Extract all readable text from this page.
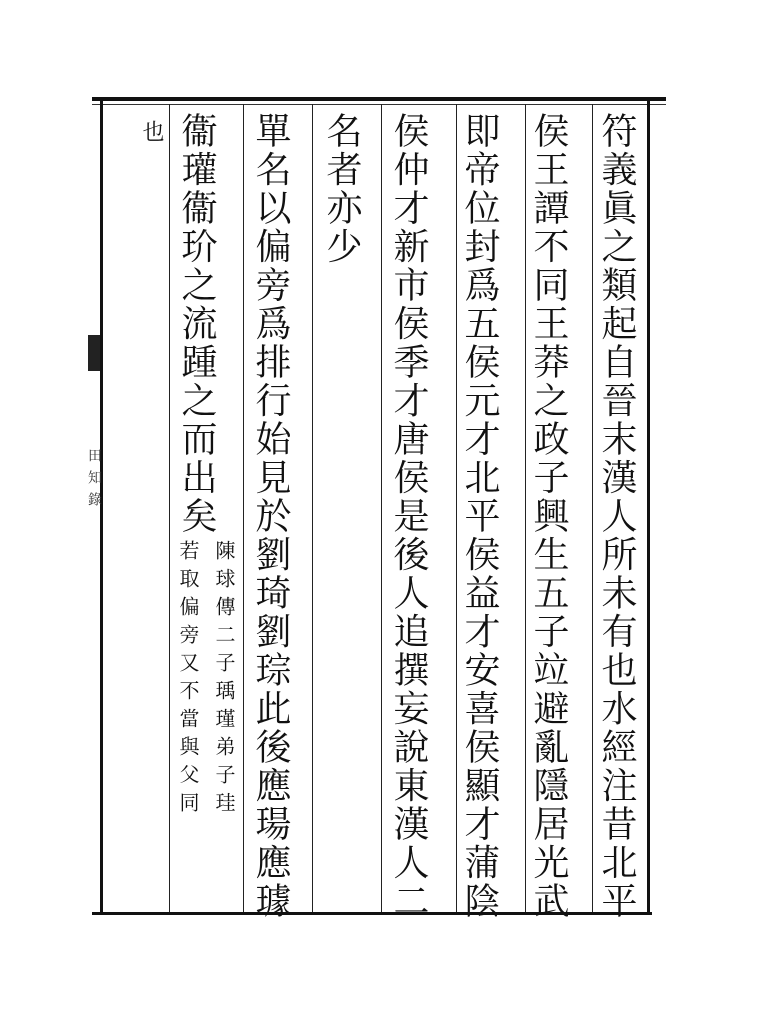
田
知
錄	符義眞之類起自晉末漢人所未有也水經注昔北平
侯王譚不同王莽之政子興生五子竝避亂隱居光武
即帝位封爲五侯元才北平侯益才安喜侯顯才蒲陰
侯仲才新市侯季才唐侯是後人追撰妄說東漢人二
名者亦少
單名以偏旁爲排行始見於劉琦劉琮此後應瑒應璩
衞瓘衞玠之流踵之而出矣
陳球傳二子瑀瑾弟子珪
若取偏旁又不當與父同
也
